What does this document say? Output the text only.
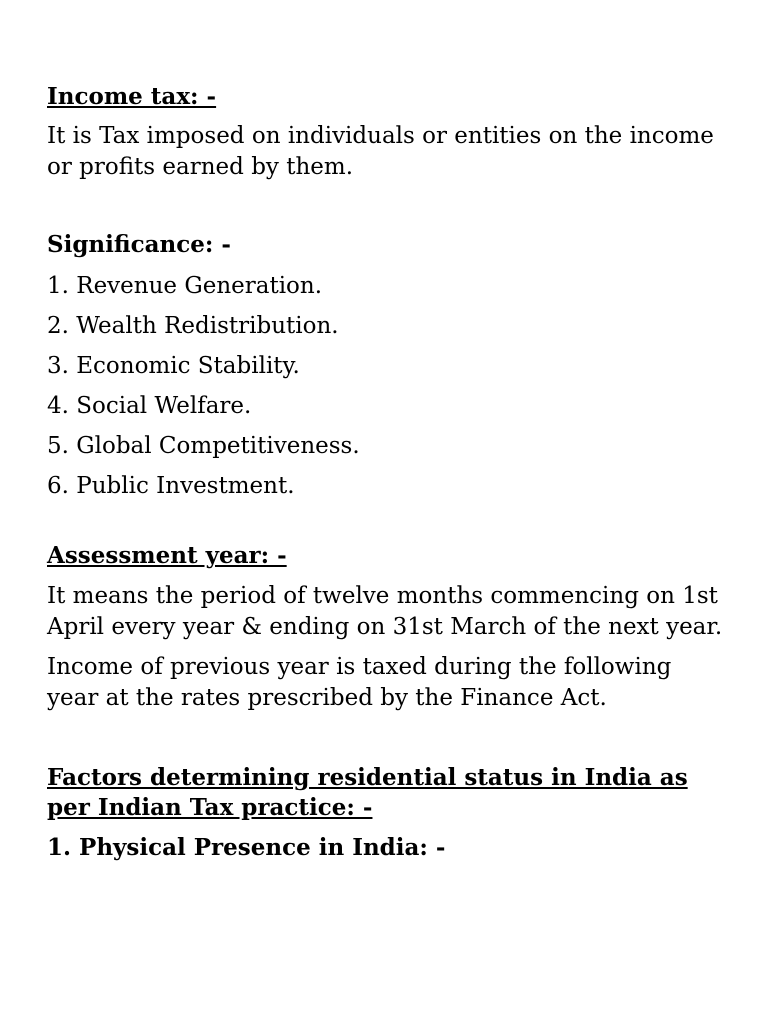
Income tax: -

It is Tax imposed on individuals or entities on the income or profits earned by them.

Significance: -

1. Revenue Generation.
2. Wealth Redistribution.
3. Economic Stability.
4. Social Welfare.
5. Global Competitiveness.
6. Public Investment.

Assessment year: -

It means the period of twelve months commencing on 1st April every year & ending on 31st March of the next year.

Income of previous year is taxed during the following year at the rates prescribed by the Finance Act.

Factors determining residential status in India as per Indian Tax practice: -

1. Physical Presence in India: -
